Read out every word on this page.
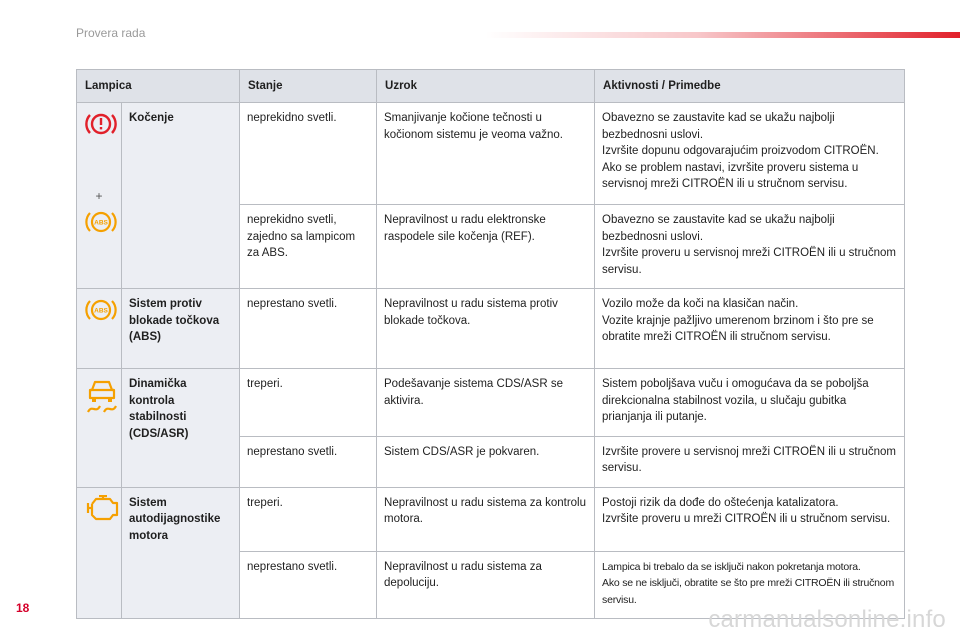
Provera rada
Lampica		Stanje	Uzrok	Aktivnosti / Primedbe

+
ABS	Kočenje	neprekidno svetli.	Smanjivanje kočione tečnosti u kočionom sistemu je veoma važno.	Obavezno se zaustavite kad se ukažu najbolji bezbednosni uslovi.
Izvršite dopunu odgovarajućim proizvodom CITROËN.
Ako se problem nastavi, izvršite proveru sistema u servisnoj mreži CITROËN ili u stručnom servisu.
		neprekidno svetli, zajedno sa lampicom za ABS.	Nepravilnost u radu elektronske raspodele sile kočenja (REF).	Obavezno se zaustavite kad se ukažu najbolji bezbednosni uslovi.
Izvršite proveru u servisnoj mreži CITROËN ili u stručnom servisu.

ABS	Sistem protiv blokade točkova (ABS)	neprestano svetli.	Nepravilnost u radu sistema protiv blokade točkova.	Vozilo može da koči na klasičan način.
Vozite krajnje pažljivo umerenom brzinom i što pre se obratite mreži CITROËN ili stručnom servisu.

	Dinamička kontrola stabilnosti (CDS/ASR)	treperi.	Podešavanje sistema CDS/ASR se aktivira.	Sistem poboljšava vuču i omogućava da se poboljša direkcionalna stabilnost vozila, u slučaju gubitka prianjanja ili putanje.
		neprestano svetli.	Sistem CDS/ASR je pokvaren.	Izvršite provere u servisnoj mreži CITROËN ili u stručnom servisu.

	Sistem autodijagnostike motora	treperi.	Nepravilnost u radu sistema za kontrolu motora.	Postoji rizik da dođe do oštećenja katalizatora.
Izvršite proveru u mreži CITROËN ili u stručnom servisu.
		neprestano svetli.	Nepravilnost u radu sistema za depoluciju.	Lampica bi trebalo da se isključi nakon pokretanja motora.
Ako se ne isključi, obratite se što pre mreži CITROËN ili stručnom servisu.
18	carmanualsonline.info
